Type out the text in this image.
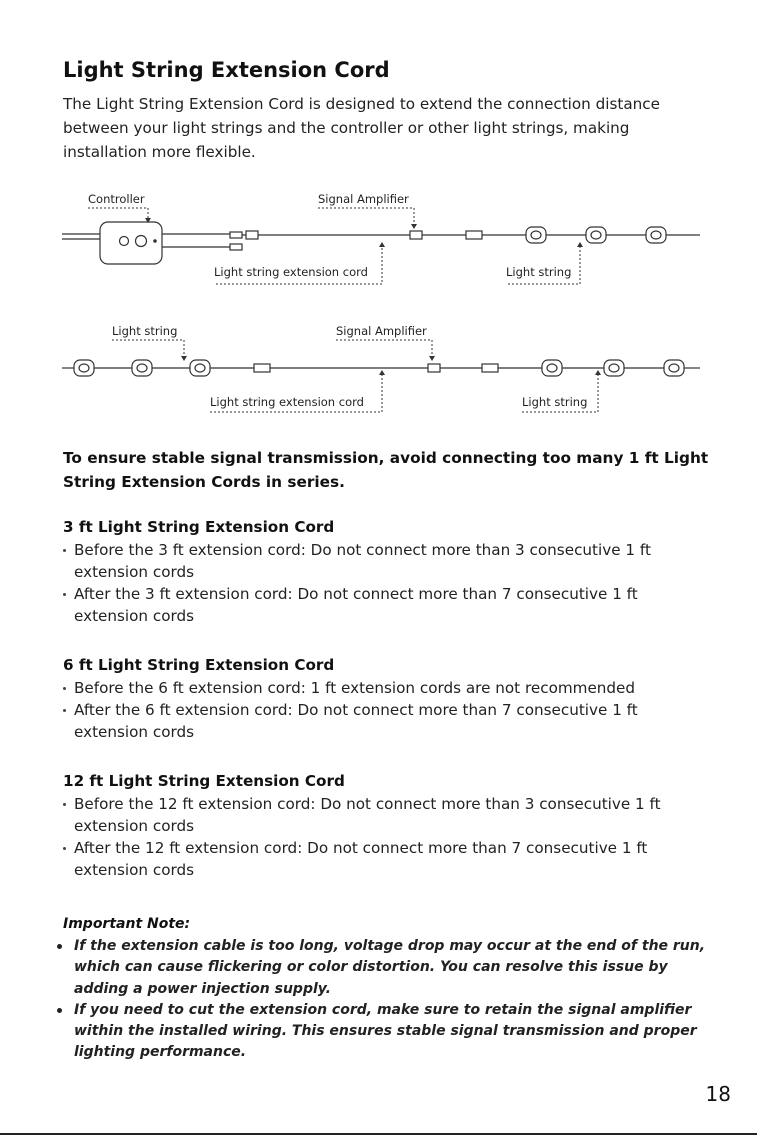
Light String Extension Cord

The Light String Extension Cord is designed to extend the connection distance between your light strings and the controller or other light strings, making installation more flexible.

Controller	Signal Amplifier
Light string extension cord	Light string
Light string	Signal Amplifier
Light string extension cord	Light string

To ensure stable signal transmission, avoid connecting too many 1 ft Light String Extension Cords in series.

3 ft Light String Extension Cord
Before the 3 ft extension cord: Do not connect more than 3 consecutive 1 ft extension cords
After the 3 ft extension cord: Do not connect more than 7 consecutive 1 ft extension cords
6 ft Light String Extension Cord
Before the 6 ft extension cord: 1 ft extension cords are not recommended
After the 6 ft extension cord: Do not connect more than 7 consecutive 1 ft extension cords
12 ft Light String Extension Cord
Before the 12 ft extension cord: Do not connect more than 3 consecutive 1 ft extension cords
After the 12 ft extension cord: Do not connect more than 7 consecutive 1 ft extension cords
Important Note:
If the extension cable is too long, voltage drop may occur at the end of the run, which can cause flickering or color distortion. You can resolve this issue by adding a power injection supply.
If you need to cut the extension cord, make sure to retain the signal amplifier within the installed wiring. This ensures stable signal transmission and proper lighting performance.
18
